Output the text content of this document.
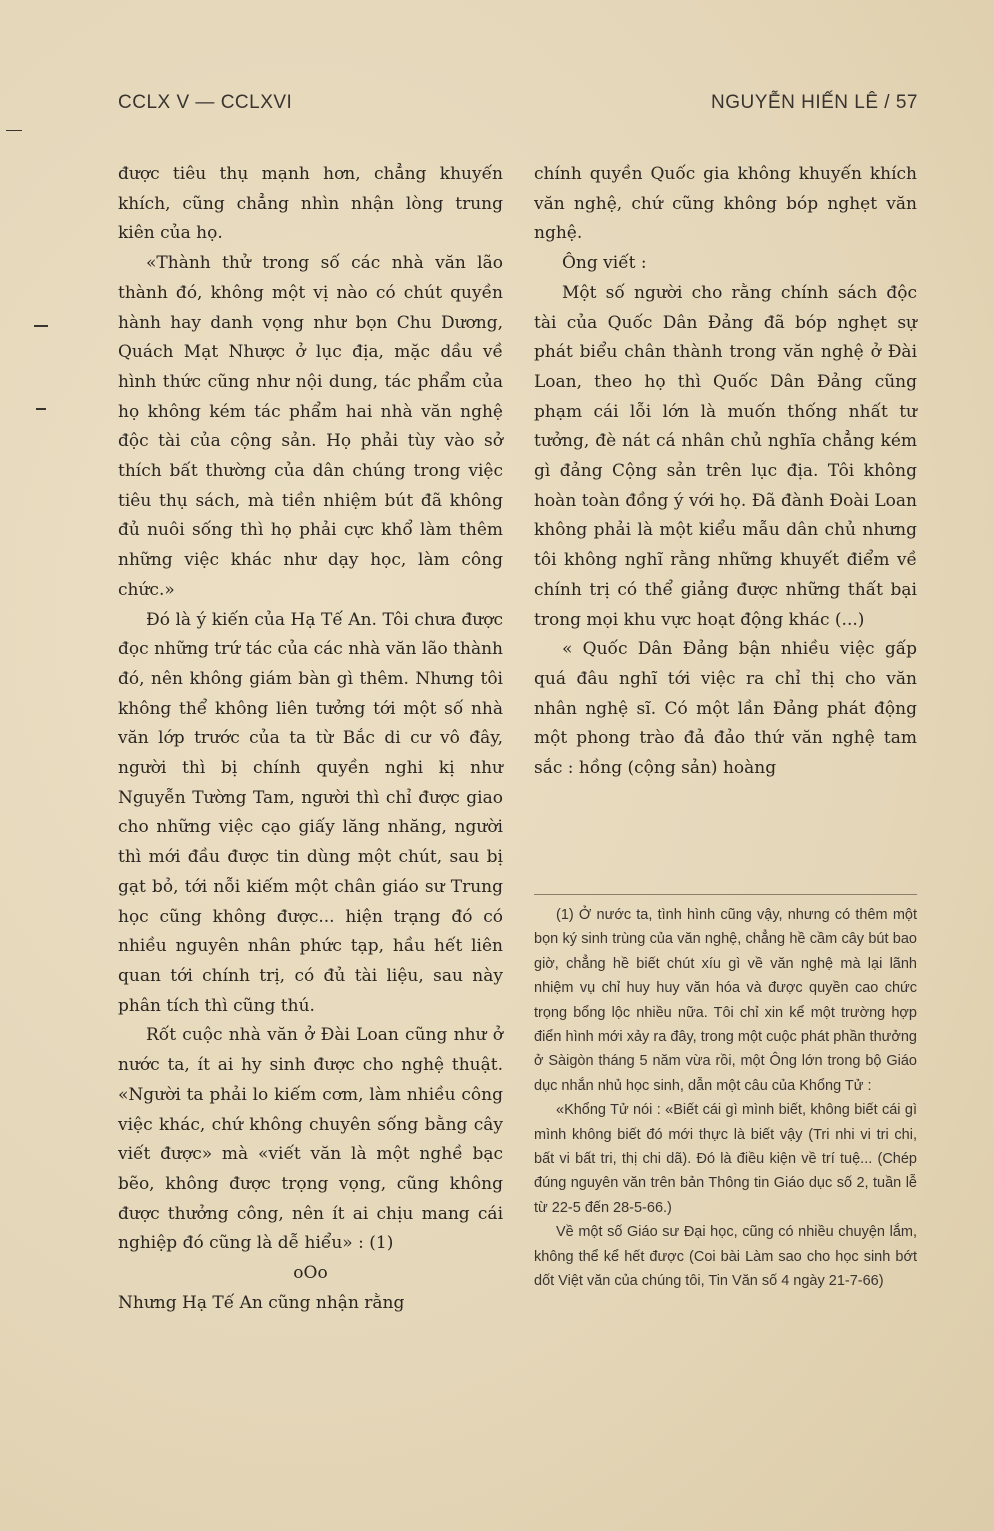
CCLX V — CCLXVI	NGUYỄN HIẾN LÊ / 57

được tiêu thụ mạnh hơn, chẳng khuyến khích, cũng chẳng nhìn nhận lòng trung kiên của họ.

«Thành thử trong số các nhà văn lão thành đó, không một vị nào có chút quyền hành hay danh vọng như bọn Chu Dương, Quách Mạt Nhược ở lục địa, mặc dầu về hình thức cũng như nội dung, tác phẩm của họ không kém tác phẩm hai nhà văn nghệ độc tài của cộng sản. Họ phải tùy vào sở thích bất thường của dân chúng trong việc tiêu thụ sách, mà tiền nhiệm bút đã không đủ nuôi sống thì họ phải cực khổ làm thêm những việc khác như dạy học, làm công chức.»

Đó là ý kiến của Hạ Tế An. Tôi chưa được đọc những trứ tác của các nhà văn lão thành đó, nên không giám bàn gì thêm. Nhưng tôi không thể không liên tưởng tới một số nhà văn lớp trước của ta từ Bắc di cư vô đây, người thì bị chính quyền nghi kị như Nguyễn Tường Tam, người thì chỉ được giao cho những việc cạo giấy lăng nhăng, người thì mới đầu được tin dùng một chút, sau bị gạt bỏ, tới nỗi kiếm một chân giáo sư Trung học cũng không được... hiện trạng đó có nhiều nguyên nhân phức tạp, hầu hết liên quan tới chính trị, có đủ tài liệu, sau này phân tích thì cũng thú.

Rốt cuộc nhà văn ở Đài Loan cũng như ở nước ta, ít ai hy sinh được cho nghệ thuật. «Người ta phải lo kiếm cơm, làm nhiều công việc khác, chứ không chuyên sống bằng cây viết được» mà «viết văn là một nghề bạc bẽo, không được trọng vọng, cũng không được thưởng công, nên ít ai chịu mang cái nghiệp đó cũng là dễ hiểu» : (1)

oOo

Nhưng Hạ Tế An cũng nhận rằng

chính quyền Quốc gia không khuyến khích văn nghệ, chứ cũng không bóp nghẹt văn nghệ.

Ông viết :

Một số người cho rằng chính sách độc tài của Quốc Dân Đảng đã bóp nghẹt sự phát biểu chân thành trong văn nghệ ở Đài Loan, theo họ thì Quốc Dân Đảng cũng phạm cái lỗi lớn là muốn thống nhất tư tưởng, đè nát cá nhân chủ nghĩa chẳng kém gì đảng Cộng sản trên lục địa. Tôi không hoàn toàn đồng ý với họ. Đã đành Đoài Loan không phải là một kiểu mẫu dân chủ nhưng tôi không nghĩ rằng những khuyết điểm về chính trị có thể giảng được những thất bại trong mọi khu vực hoạt động khác (...)

« Quốc Dân Đảng bận nhiều việc gấp quá đâu nghĩ tới việc ra chỉ thị cho văn nhân nghệ sĩ. Có một lần Đảng phát động một phong trào đả đảo thứ văn nghệ tam sắc : hồng (cộng sản) hoàng

(1) Ở nước ta, tình hình cũng vậy, nhưng có thêm một bọn ký sinh trùng của văn nghệ, chẳng hề cầm cây bút bao giờ, chẳng hề biết chút xíu gì về văn nghệ mà lại lãnh nhiệm vụ chỉ huy huy văn hóa và được quyền cao chức trọng bổng lộc nhiều nữa. Tôi chỉ xin kể một trường hợp điển hình mới xảy ra đây, trong một cuộc phát phần thưởng ở Sàigòn tháng 5 năm vừa rồi, một Ông lớn trong bộ Giáo dục nhắn nhủ học sinh, dẫn một câu của Khổng Tử :

«Khổng Tử nói : «Biết cái gì mình biết, không biết cái gì mình không biết đó mới thực là biết vậy (Tri nhi vi tri chi, bất vi bất tri, thị chi dã). Đó là điều kiện về trí tuệ... (Chép đúng nguyên văn trên bản Thông tin Giáo dục số 2, tuần lễ từ 22-5 đến 28-5-66.)

Về một số Giáo sư Đại học, cũng có nhiều chuyện lắm, không thể kể hết được (Coi bài Làm sao cho học sinh bớt dốt Việt văn của chúng tôi, Tin Văn số 4 ngày 21-7-66)
